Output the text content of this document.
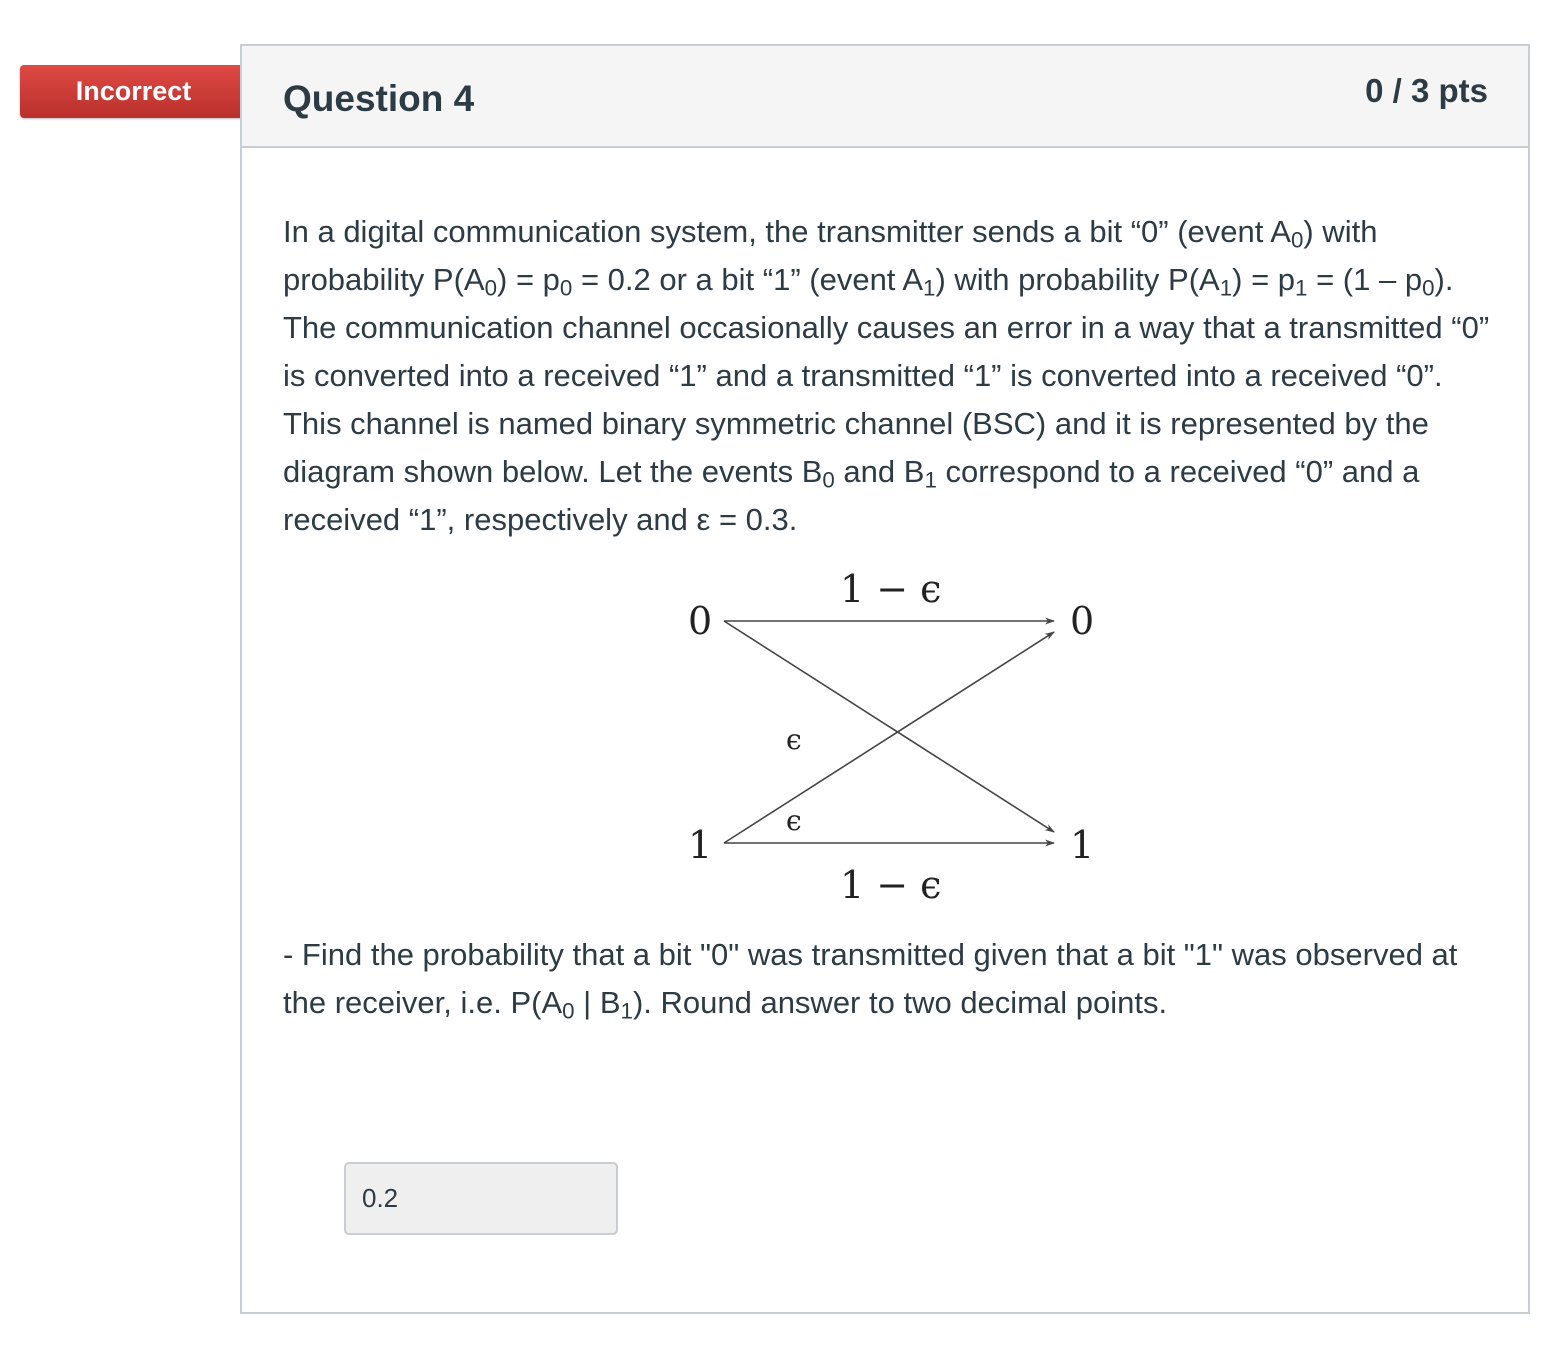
Incorrect Question 4	0 / 3 pts

In a digital communication system, the transmitter sends a bit “0” (event $A_0$) with probability $P(A_0) = p_0 = 0.2$ or a bit “1” (event $A_1$) with probability $P(A_1) = p_1 = (1 - p_0)$. The communication channel occasionally causes an error in a way that a transmitted “0” is converted into a received “1” and a transmitted “1” is converted into a received “0”. This channel is named binary symmetric channel (BSC) and it is represented by the diagram shown below. Let the events $B_0$ and $B_1$ correspond to a received “0” and a received “1”, respectively and ε = 0.3.

0
1
0
1
1 − ϵ
1 − ϵ
ϵ
ϵ

- Find the probability that a bit "0" was transmitted given that a bit "1" was observed at the receiver, i.e. $P(A_0$ | $B_1$). Round answer to two decimal points.

0.2
